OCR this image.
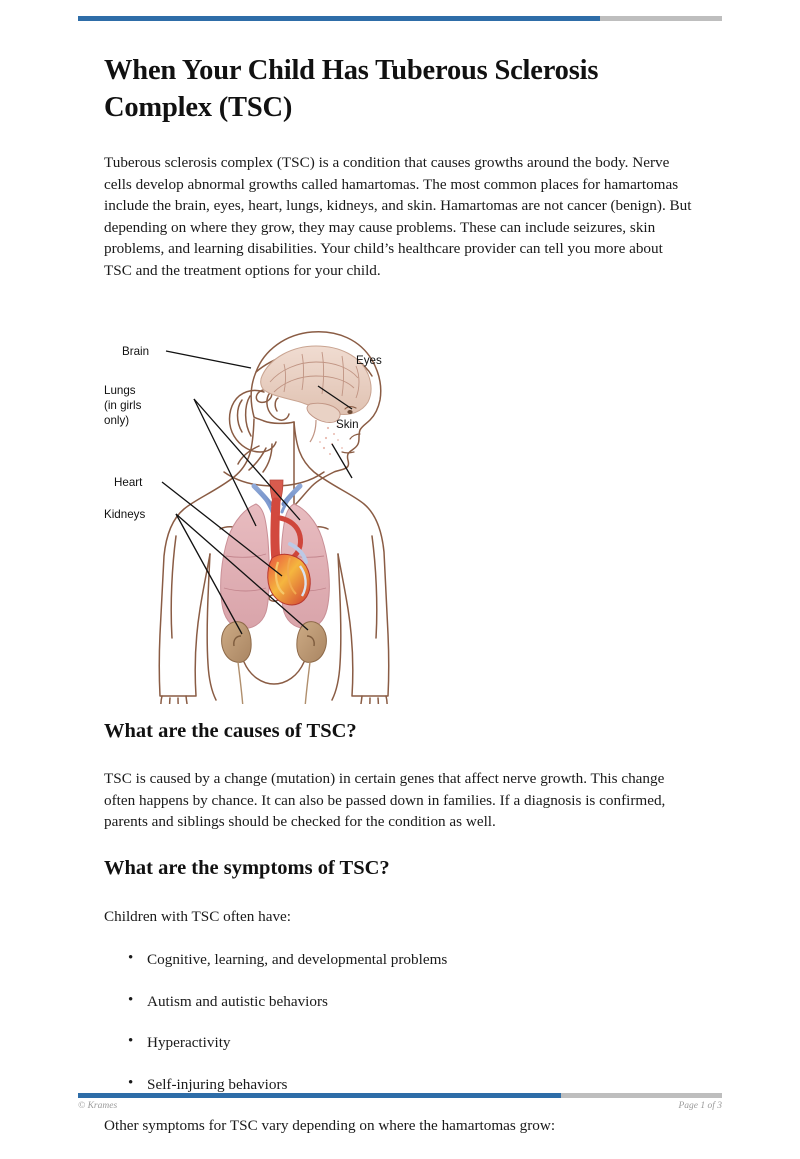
When Your Child Has Tuberous Sclerosis Complex (TSC)

Tuberous sclerosis complex (TSC) is a condition that causes growths around the body. Nerve cells develop abnormal growths called hamartomas. The most common places for hamartomas include the brain, eyes, heart, lungs, kidneys, and skin. Hamartomas are not cancer (benign). But depending on where they grow, they may cause problems. These can include seizures, skin problems, and learning disabilities. Your child’s healthcare provider can tell you more about TSC and the treatment options for your child.

Brain
Eyes
Lungs
(in girls
only)	Skin
Heart
Kidneys
What are the causes of TSC?

TSC is caused by a change (mutation) in certain genes that affect nerve growth. This change often happens by chance. It can also be passed down in families. If a diagnosis is confirmed, parents and siblings should be checked for the condition as well.

What are the symptoms of TSC?

Children with TSC often have:

• Cognitive, learning, and developmental problems
• Autism and autistic behaviors
• Hyperactivity
• Self-injuring behaviors

Other symptoms for TSC vary depending on where the hamartomas grow:

© Krames	Page 1 of 3
